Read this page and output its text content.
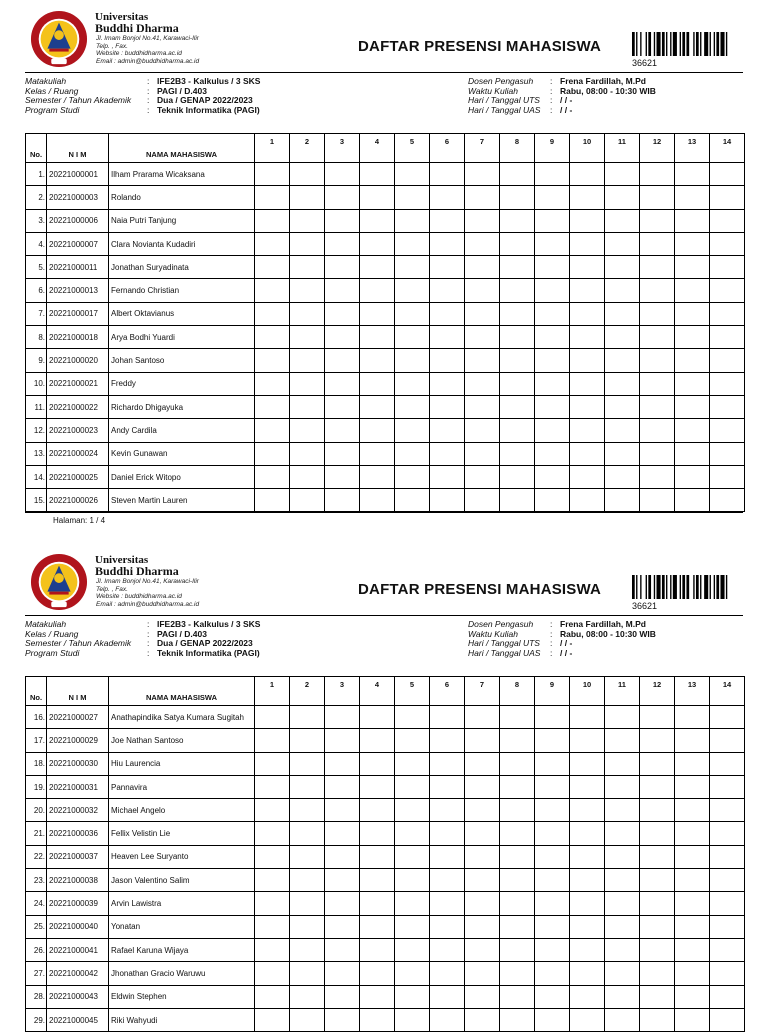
Universitas
Buddhi Dharma
Jl. Imam Bonjol No.41, Karawaci-Ilir
Telp. , Fax.
Website : buddhidharma.ac.id
Email : admin@buddhidharma.ac.id
DAFTAR PRESENSI MAHASISWA
36621
Matakuliah	: IFE2B3 - Kalkulus / 3 SKS
Kelas / Ruang	: PAGI / D.403
Semester / Tahun Akademik	: Dua / GENAP 2022/2023
Program Studi	: Teknik Informatika (PAGI)
Dosen Pengasuh	: Frena Fardillah, M.Pd
Waktu Kuliah	: Rabu, 08:00 - 10:30 WIB
Hari / Tanggal UTS	: / / -
Hari / Tanggal UAS	: / / -
No.	N I M	NAMA MAHASISWA	1	2	3	4	5	6	7	8	9	10	11	12	13	14
1.	20221000001	Ilham Prarama Wicaksana														
2.	20221000003	Rolando														
3.	20221000006	Naia Putri Tanjung														
4.	20221000007	Clara Novianta Kudadiri														
5.	20221000011	Jonathan Suryadinata														
6.	20221000013	Fernando Christian														
7.	20221000017	Albert Oktavianus														
8.	20221000018	Arya Bodhi Yuardi														
9.	20221000020	Johan Santoso														
10.	20221000021	Freddy														
11.	20221000022	Richardo Dhigayuka														
12.	20221000023	Andy Cardila														
13.	20221000024	Kevin Gunawan														
14.	20221000025	Daniel Erick Witopo														
15.	20221000026	Steven Martin Lauren														
Halaman: 1 / 4
Universitas
Buddhi Dharma
Jl. Imam Bonjol No.41, Karawaci-Ilir
Telp. , Fax.
Website : buddhidharma.ac.id
Email : admin@buddhidharma.ac.id
DAFTAR PRESENSI MAHASISWA
36621
Matakuliah	: IFE2B3 - Kalkulus / 3 SKS
Kelas / Ruang	: PAGI / D.403
Semester / Tahun Akademik	: Dua / GENAP 2022/2023
Program Studi	: Teknik Informatika (PAGI)
Dosen Pengasuh	: Frena Fardillah, M.Pd
Waktu Kuliah	: Rabu, 08:00 - 10:30 WIB
Hari / Tanggal UTS	: / / -
Hari / Tanggal UAS	: / / -
No.	N I M	NAMA MAHASISWA	1	2	3	4	5	6	7	8	9	10	11	12	13	14
16.	20221000027	Anathapindika Satya Kumara Sugitah														
17.	20221000029	Joe Nathan Santoso														
18.	20221000030	Hiu Laurencia														
19.	20221000031	Pannavira														
20.	20221000032	Michael Angelo														
21.	20221000036	Fellix Velistin Lie														
22.	20221000037	Heaven Lee Suryanto														
23.	20221000038	Jason Valentino Salim														
24.	20221000039	Arvin Lawistra														
25.	20221000040	Yonatan														
26.	20221000041	Rafael Karuna Wijaya														
27.	20221000042	Jhonathan Gracio Waruwu														
28.	20221000043	Eldwin Stephen														
29.	20221000045	Riki Wahyudi														
